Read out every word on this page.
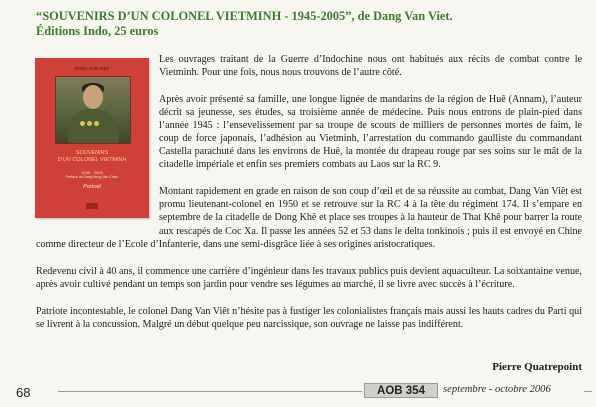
“SOUVENIRS D’UN COLONEL VIETMINH - 1945-2005”, de Dang Van Viet.
Éditions Indo, 25 euros
DANG VAN VIET
SOUVENIRS
D’UN COLONEL VIETMINH
1945 - 2005
Préface de Dang Hong Van Chien
Portrait

Les ouvrages traitant de la Guerre d’Indochine nous ont habitués aux récits de combat contre le Vietminh. Pour une fois, nous nous trouvons de l’autre côté.

Après avoir présenté sa famille, une longue lignée de mandarins de la région de Huê (Annam), l’auteur décrit sa jeunesse, ses études, sa troisième année de médecine. Puis nous entrons de plain-pied dans l’année 1945 : l’ensevelissement par sa troupe de scouts de milliers de personnes mortes de faim, le coup de force japonais, l’adhésion au Vietminh, l’arrestation du commando gaulliste du commandant Castella parachuté dans les environs de Huê, la montée du drapeau rouge par ses soins sur le mât de la citadelle impériale et enfin ses premiers combats au Laos sur la RC 9.

Montant rapidement en grade en raison de son coup d’œil et de sa réussite au combat, Dang Van Viêt est promu lieutenant-colonel en 1950 et se retrouve sur la RC 4 à la tête du régiment 174. Il s’empare en septembre de la citadelle de Dong Khê et place ses troupes à la hauteur de That Khê pour barrer la route aux rescapés de Coc Xa. Il passe les années 52 et 53 dans le delta tonkinois ; puis il est envoyé en Chine comme directeur de l’Ecole d’Infanterie, dans une semi-disgrâce liée à ses origines aristocratiques.

Redevenu civil à 40 ans, il commence une carrière d’ingénieur dans les travaux publics puis devient aquaculteur. La soixantaine venue, après avoir cultivé pendant un temps son jardin pour vendre ses légumes au marché, il se livre avec succès à l’écriture.

Patriote incontestable, le colonel Dang Van Viêt n’hésite pas à fustiger les colonialistes français mais aussi les hauts cadres du Parti qui se livrent à la concussion. Malgré un début quelque peu narcissique, son ouvrage ne laisse pas indifférent.

Pierre Quatrepoint
68	AOB 354	septembre - octobre 2006
